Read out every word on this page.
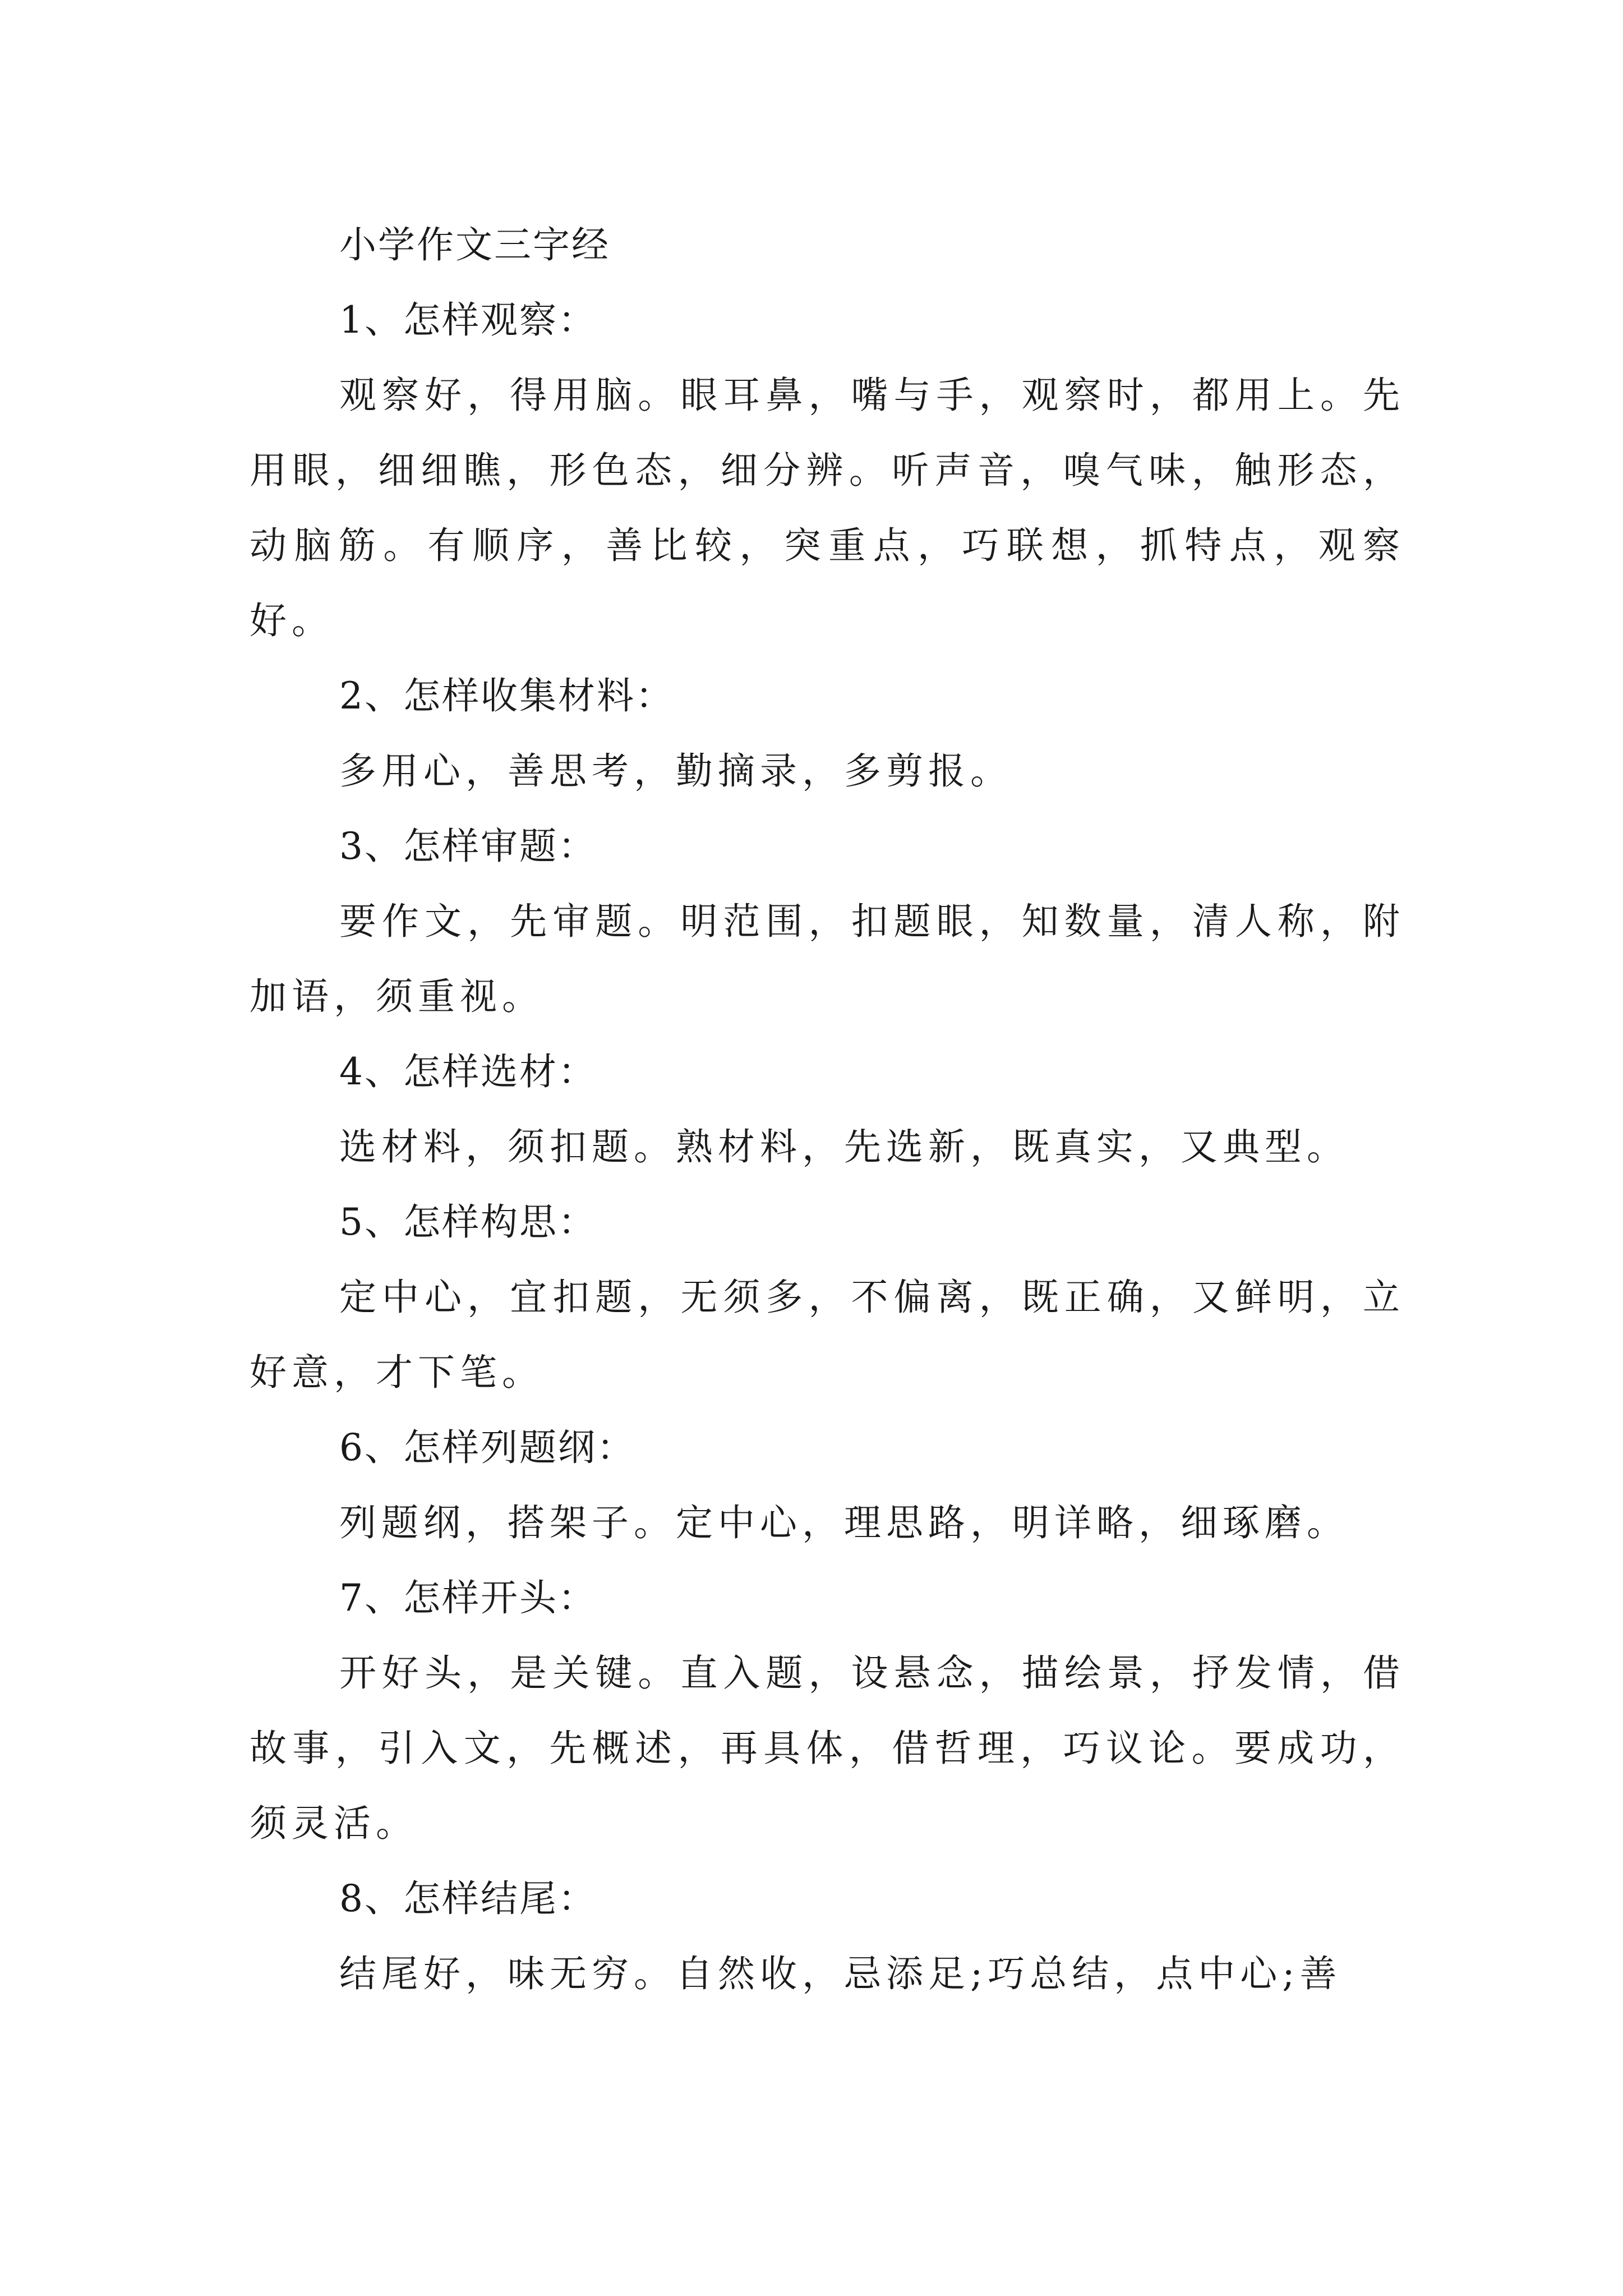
小学作文三字经

1、怎样观察：

观察好，得用脑。眼耳鼻，嘴与手，观察时，都用上。先用眼，细细瞧，形色态，细分辨。听声音，嗅气味，触形态，动脑筋。有顺序，善比较，突重点，巧联想，抓特点，观察好。

2、怎样收集材料：

多用心，善思考，勤摘录，多剪报。

3、怎样审题：

要作文，先审题。明范围，扣题眼，知数量，清人称，附加语，须重视。

4、怎样选材：

选材料，须扣题。熟材料，先选新，既真实，又典型。

5、怎样构思：

定中心，宜扣题，无须多，不偏离，既正确，又鲜明，立好意，才下笔。

6、怎样列题纲：

列题纲，搭架子。定中心，理思路，明详略，细琢磨。

7、怎样开头：

开好头，是关键。直入题，设悬念，描绘景，抒发情，借故事，引入文，先概述，再具体，借哲理，巧议论。要成功，须灵活。

8、怎样结尾：

结尾好，味无穷。自然收，忌添足;巧总结，点中心;善
